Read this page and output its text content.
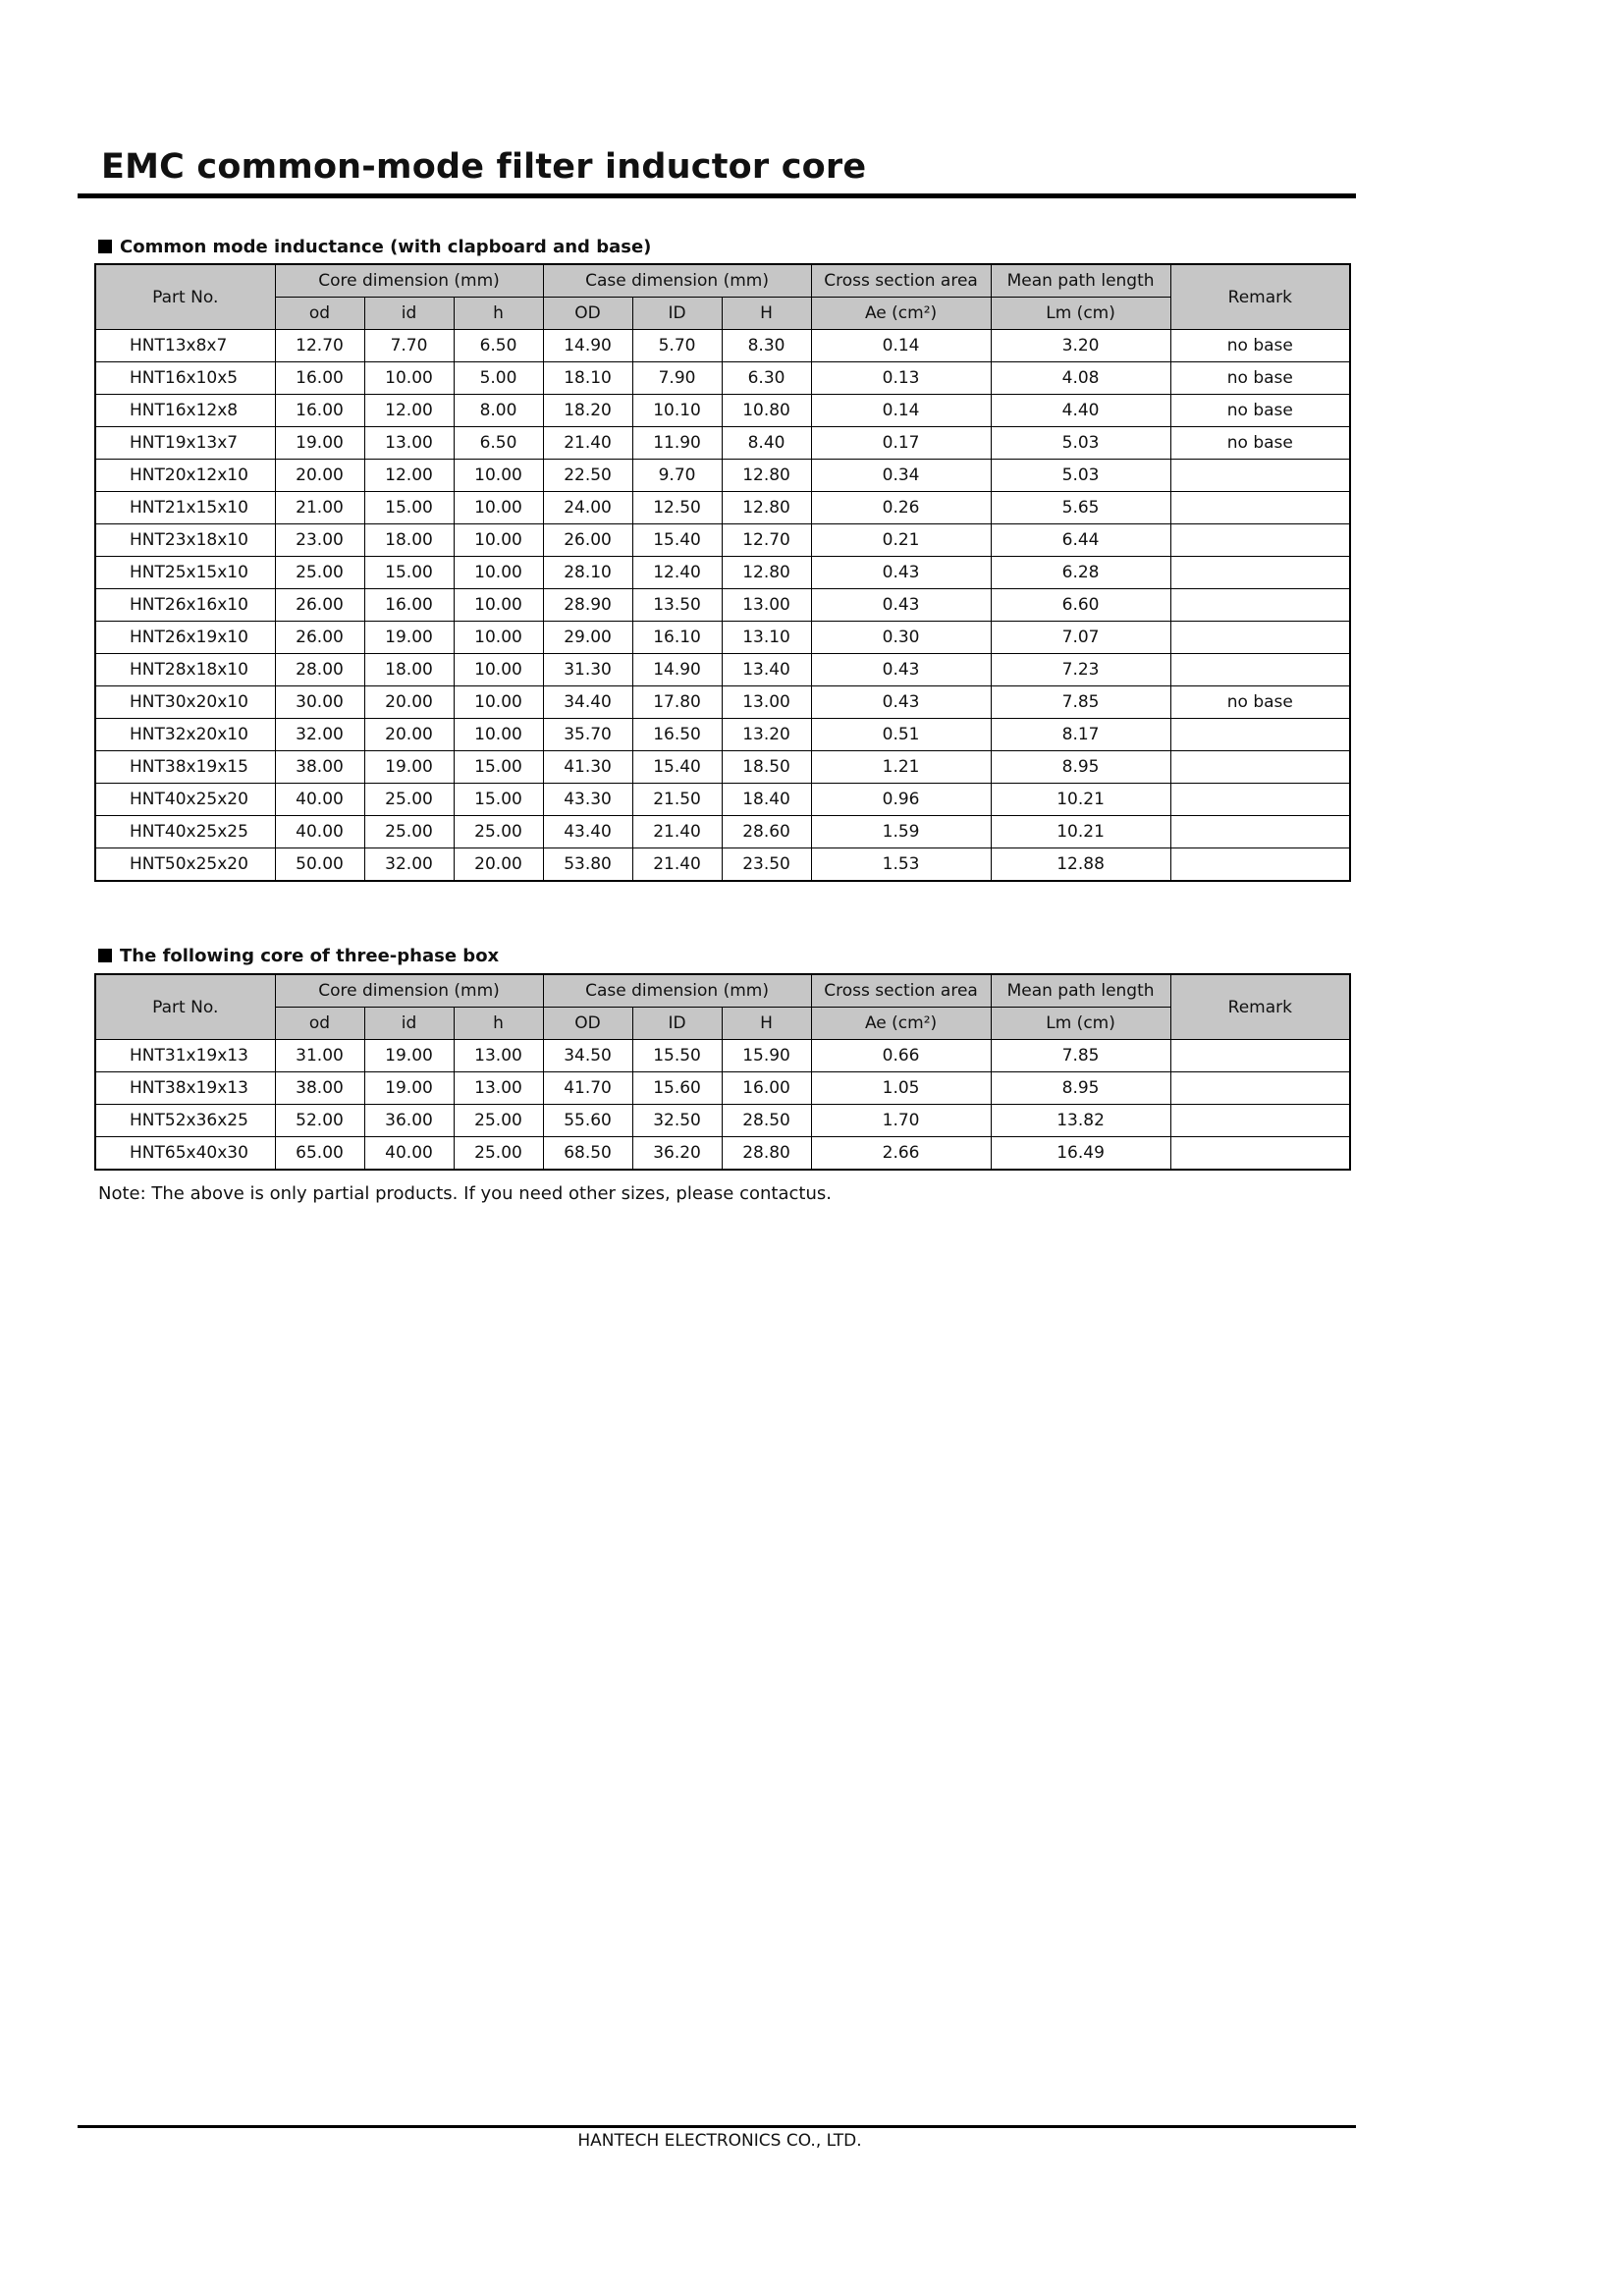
EMC common-mode filter inductor core

Common mode inductance (with clapboard and base)

Part No.	Core dimension (mm)			Case dimension (mm)			Cross section area	Mean path length	Remark
	od	id	h	OD	ID	H	Ae (cm²)	Lm (cm)	
HNT13x8x7	12.70	7.70	6.50	14.90	5.70	8.30	0.14	3.20	no base
HNT16x10x5	16.00	10.00	5.00	18.10	7.90	6.30	0.13	4.08	no base
HNT16x12x8	16.00	12.00	8.00	18.20	10.10	10.80	0.14	4.40	no base
HNT19x13x7	19.00	13.00	6.50	21.40	11.90	8.40	0.17	5.03	no base
HNT20x12x10	20.00	12.00	10.00	22.50	9.70	12.80	0.34	5.03	
HNT21x15x10	21.00	15.00	10.00	24.00	12.50	12.80	0.26	5.65	
HNT23x18x10	23.00	18.00	10.00	26.00	15.40	12.70	0.21	6.44	
HNT25x15x10	25.00	15.00	10.00	28.10	12.40	12.80	0.43	6.28	
HNT26x16x10	26.00	16.00	10.00	28.90	13.50	13.00	0.43	6.60	
HNT26x19x10	26.00	19.00	10.00	29.00	16.10	13.10	0.30	7.07	
HNT28x18x10	28.00	18.00	10.00	31.30	14.90	13.40	0.43	7.23	
HNT30x20x10	30.00	20.00	10.00	34.40	17.80	13.00	0.43	7.85	no base
HNT32x20x10	32.00	20.00	10.00	35.70	16.50	13.20	0.51	8.17	
HNT38x19x15	38.00	19.00	15.00	41.30	15.40	18.50	1.21	8.95	
HNT40x25x20	40.00	25.00	15.00	43.30	21.50	18.40	0.96	10.21	
HNT40x25x25	40.00	25.00	25.00	43.40	21.40	28.60	1.59	10.21	
HNT50x25x20	50.00	32.00	20.00	53.80	21.40	23.50	1.53	12.88	

The following core of three-phase box

Part No.	Core dimension (mm)			Case dimension (mm)			Cross section area	Mean path length	Remark
	od	id	h	OD	ID	H	Ae (cm²)	Lm (cm)	
HNT31x19x13	31.00	19.00	13.00	34.50	15.50	15.90	0.66	7.85	
HNT38x19x13	38.00	19.00	13.00	41.70	15.60	16.00	1.05	8.95	
HNT52x36x25	52.00	36.00	25.00	55.60	32.50	28.50	1.70	13.82	
HNT65x40x30	65.00	40.00	25.00	68.50	36.20	28.80	2.66	16.49	

Note: The above is only partial products. If you need other sizes, please contactus.

HANTECH ELECTRONICS CO., LTD.
